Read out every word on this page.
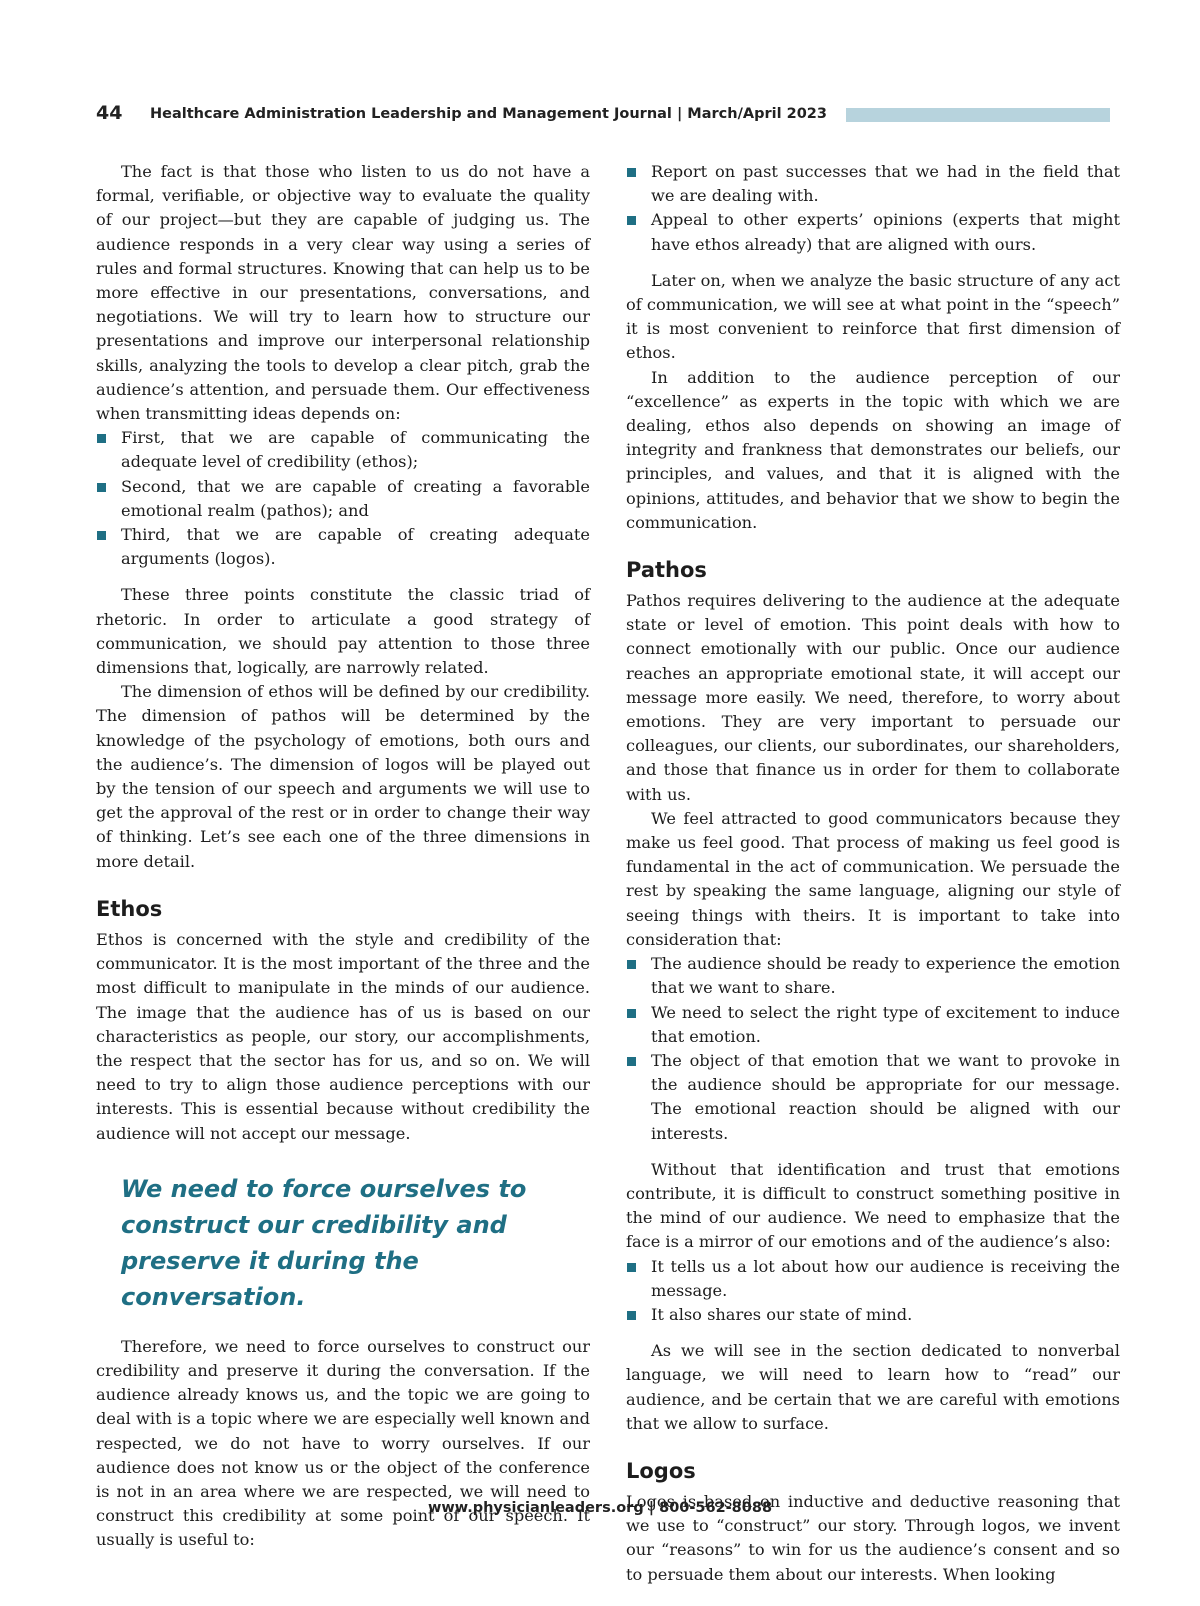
44 Healthcare Administration Leadership and Management Journal | March/April 2023

The fact is that those who listen to us do not have a formal, verifiable, or objective way to evaluate the quality of our project—but they are capable of judging us. The audience responds in a very clear way using a series of rules and formal structures. Knowing that can help us to be more effective in our presentations, conversations, and negotiations. We will try to learn how to structure our presentations and improve our interpersonal relationship skills, analyzing the tools to develop a clear pitch, grab the audience’s attention, and persuade them. Our effectiveness when transmitting ideas depends on:

First, that we are capable of communicating the adequate level of credibility (ethos);
Second, that we are capable of creating a favorable emotional realm (pathos); and
Third, that we are capable of creating adequate arguments (logos).

These three points constitute the classic triad of rhetoric. In order to articulate a good strategy of communication, we should pay attention to those three dimensions that, logically, are narrowly related.

The dimension of ethos will be defined by our credibility. The dimension of pathos will be determined by the knowledge of the psychology of emotions, both ours and the audience’s. The dimension of logos will be played out by the tension of our speech and arguments we will use to get the approval of the rest or in order to change their way of thinking. Let’s see each one of the three dimensions in more detail.

Ethos

Ethos is concerned with the style and credibility of the communicator. It is the most important of the three and the most difficult to manipulate in the minds of our audience. The image that the audience has of us is based on our characteristics as people, our story, our accomplishments, the respect that the sector has for us, and so on. We will need to try to align those audience perceptions with our interests. This is essential because without credibility the audience will not accept our message.

We need to force ourselves to construct our credibility and preserve it during the conversation.

Therefore, we need to force ourselves to construct our credibility and preserve it during the conversation. If the audience already knows us, and the topic we are going to deal with is a topic where we are especially well known and respected, we do not have to worry ourselves. If our audience does not know us or the object of the conference is not in an area where we are respected, we will need to construct this credibility at some point of our speech. It usually is useful to:

Report on past successes that we had in the field that we are dealing with.
Appeal to other experts’ opinions (experts that might have ethos already) that are aligned with ours.

Later on, when we analyze the basic structure of any act of communication, we will see at what point in the “speech” it is most convenient to reinforce that first dimension of ethos.

In addition to the audience perception of our “excellence” as experts in the topic with which we are dealing, ethos also depends on showing an image of integrity and frankness that demonstrates our beliefs, our principles, and values, and that it is aligned with the opinions, attitudes, and behavior that we show to begin the communication.

Pathos

Pathos requires delivering to the audience at the adequate state or level of emotion. This point deals with how to connect emotionally with our public. Once our audience reaches an appropriate emotional state, it will accept our message more easily. We need, therefore, to worry about emotions. They are very important to persuade our colleagues, our clients, our subordinates, our shareholders, and those that finance us in order for them to collaborate with us.

We feel attracted to good communicators because they make us feel good. That process of making us feel good is fundamental in the act of communication. We persuade the rest by speaking the same language, aligning our style of seeing things with theirs. It is important to take into consideration that:

The audience should be ready to experience the emotion that we want to share.
We need to select the right type of excitement to induce that emotion.
The object of that emotion that we want to provoke in the audience should be appropriate for our message. The emotional reaction should be aligned with our interests.

Without that identification and trust that emotions contribute, it is difficult to construct something positive in the mind of our audience. We need to emphasize that the face is a mirror of our emotions and of the audience’s also:

It tells us a lot about how our audience is receiving the message.
It also shares our state of mind.

As we will see in the section dedicated to nonverbal language, we will need to learn how to “read” our audience, and be certain that we are careful with emotions that we allow to surface.

Logos

Logos is based on inductive and deductive reasoning that we use to “construct” our story. Through logos, we invent our “reasons” to win for us the audience’s consent and so to persuade them about our interests. When looking

www.physicianleaders.org | 800-562-8088
